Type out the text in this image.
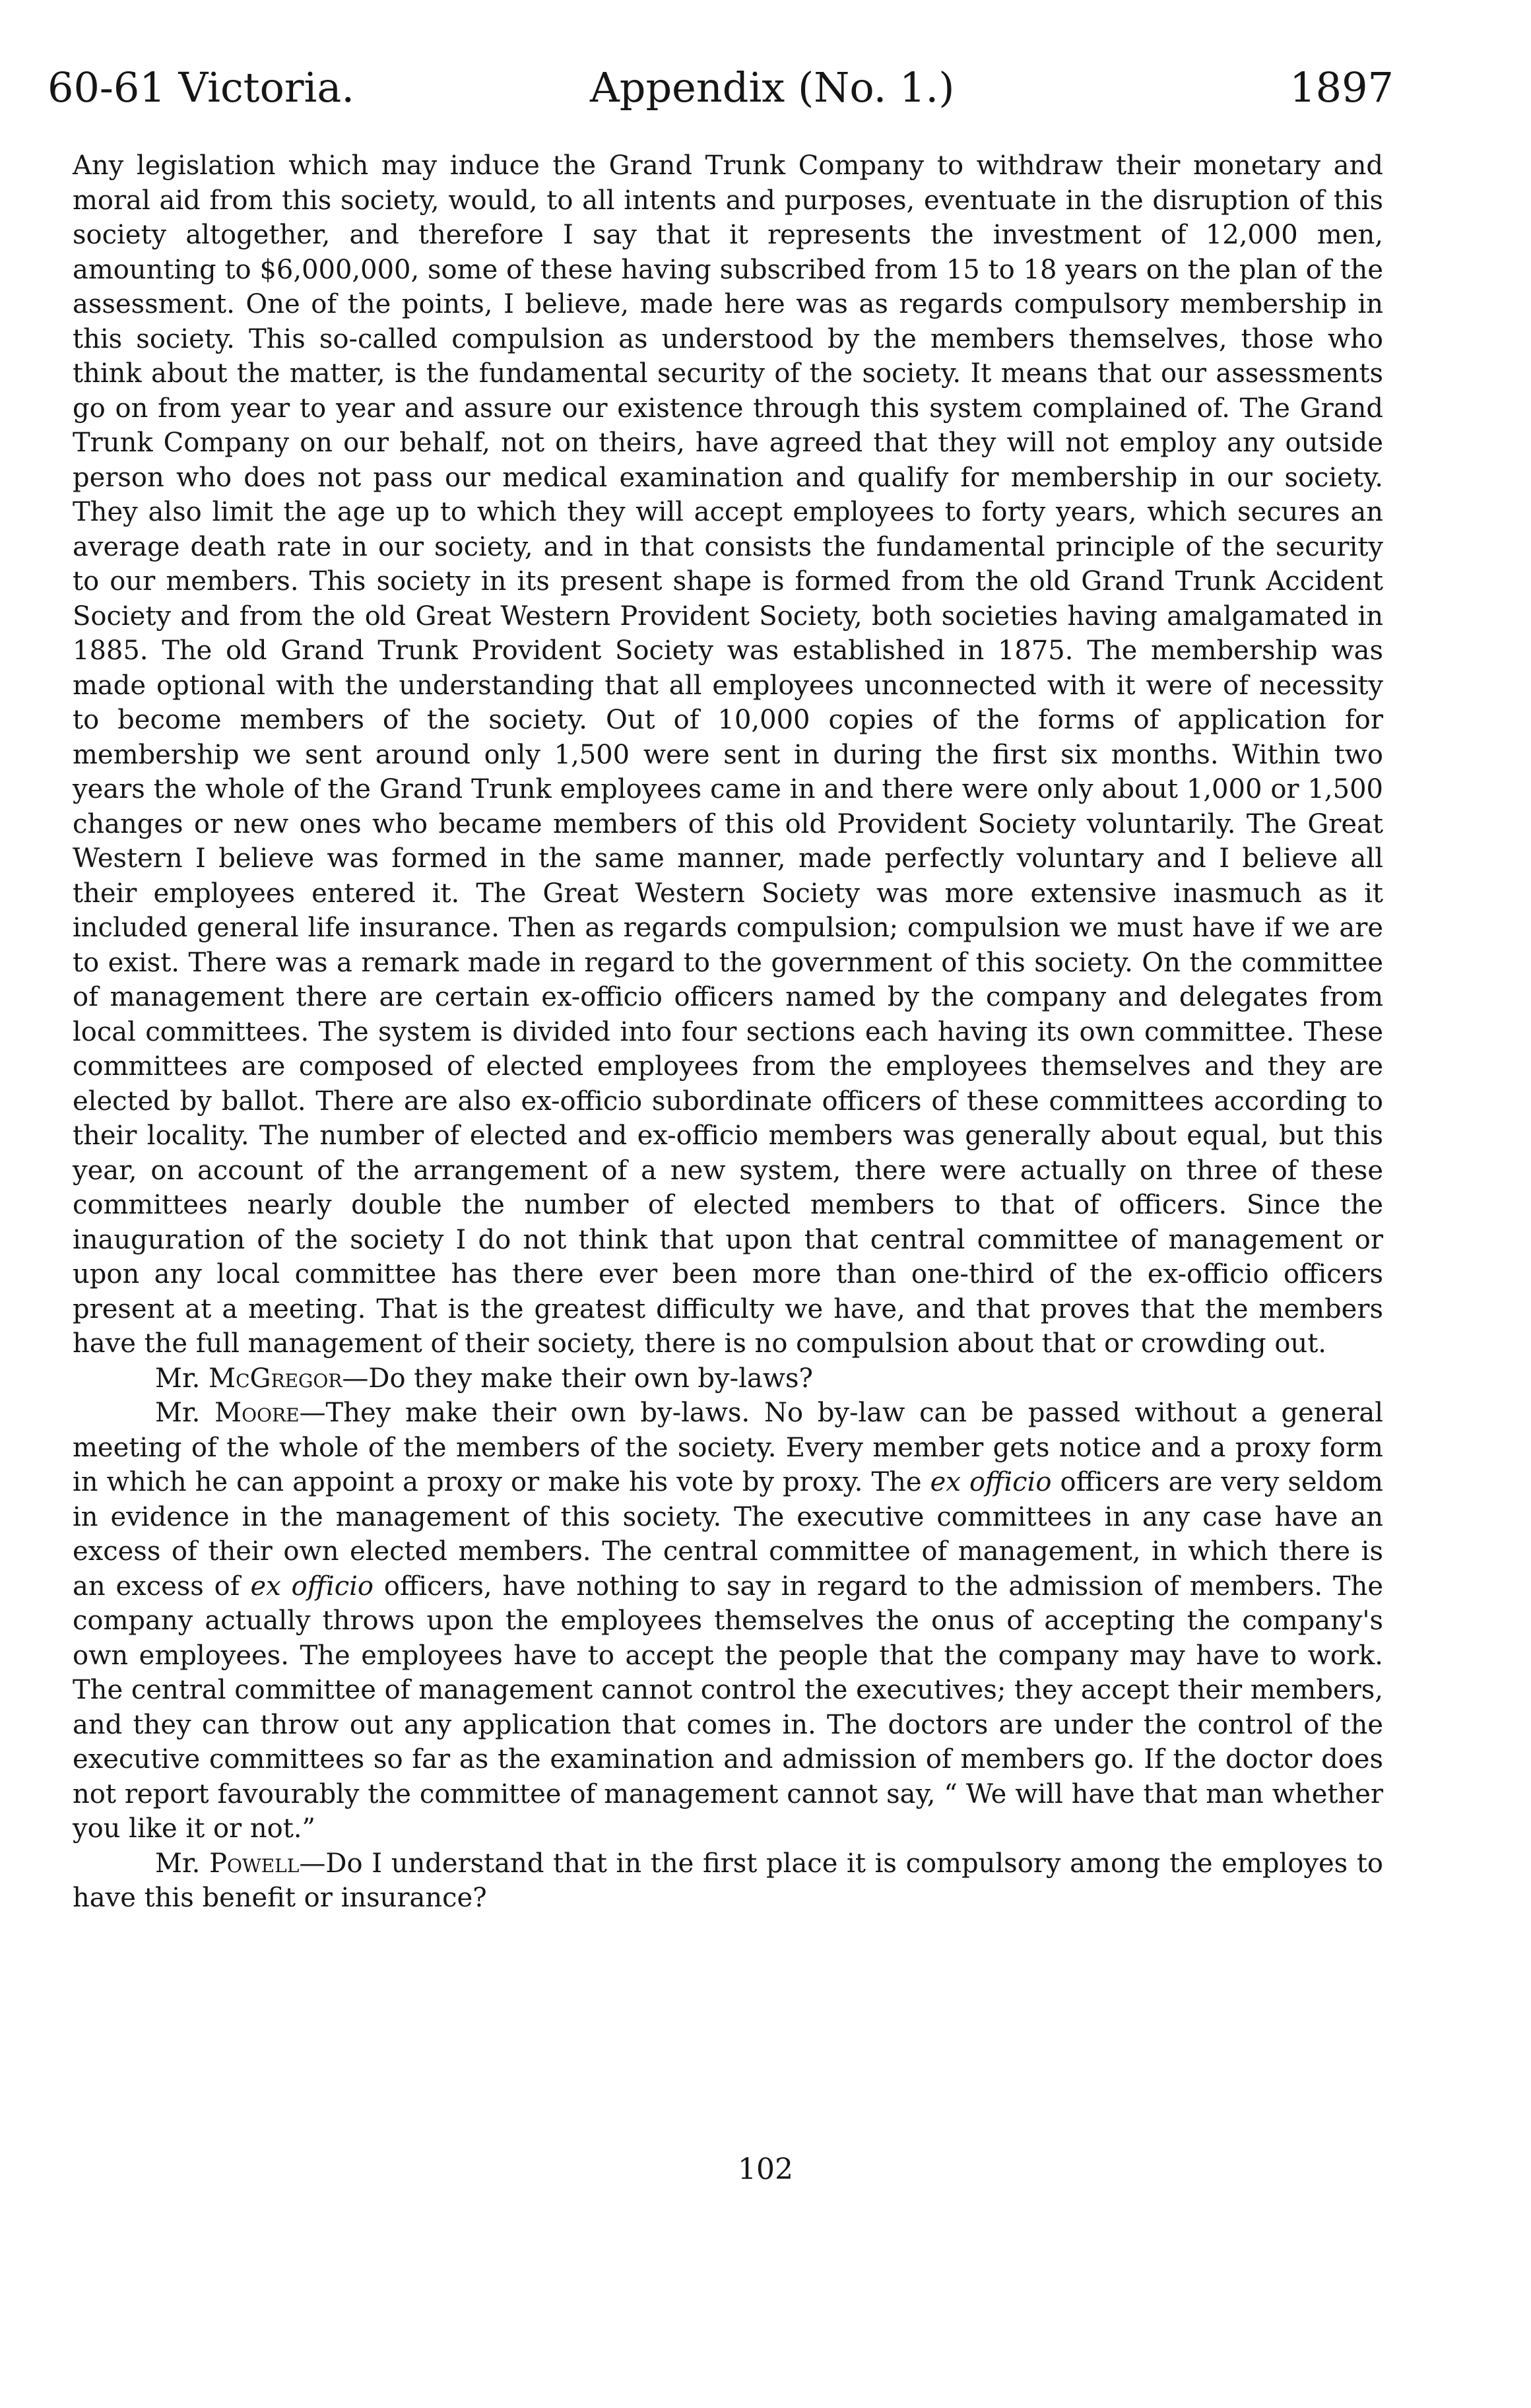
60-61 Victoria.	Appendix (No. 1.)	1897

Any legislation which may induce the Grand Trunk Company to withdraw their monetary and moral aid from this society, would, to all intents and purposes, eventuate in the disruption of this society altogether, and therefore I say that it represents the investment of 12,000 men, amounting to $6,000,000, some of these having subscribed from 15 to 18 years on the plan of the assessment. One of the points, I believe, made here was as regards compulsory membership in this society. This so-called compulsion as understood by the members themselves, those who think about the matter, is the fundamental security of the society. It means that our assessments go on from year to year and assure our existence through this system complained of. The Grand Trunk Company on our behalf, not on theirs, have agreed that they will not employ any outside person who does not pass our medical examination and qualify for membership in our society. They also limit the age up to which they will accept employees to forty years, which secures an average death rate in our society, and in that consists the fundamental principle of the security to our members. This society in its present shape is formed from the old Grand Trunk Accident Society and from the old Great Western Provident Society, both societies having amalgamated in 1885. The old Grand Trunk Provident Society was established in 1875. The membership was made optional with the understanding that all employees unconnected with it were of necessity to become members of the society. Out of 10,000 copies of the forms of application for membership we sent around only 1,500 were sent in during the first six months. Within two years the whole of the Grand Trunk employees came in and there were only about 1,000 or 1,500 changes or new ones who became members of this old Provident Society voluntarily. The Great Western I believe was formed in the same manner, made perfectly voluntary and I believe all their employees entered it. The Great Western Society was more extensive inasmuch as it included general life insurance. Then as regards compulsion; compulsion we must have if we are to exist. There was a remark made in regard to the government of this society. On the committee of management there are certain ex-officio officers named by the company and delegates from local committees. The system is divided into four sections each having its own committee. These committees are composed of elected employees from the employees themselves and they are elected by ballot. There are also ex-officio subordinate officers of these committees according to their locality. The number of elected and ex-officio members was generally about equal, but this year, on account of the arrangement of a new system, there were actually on three of these committees nearly double the number of elected members to that of officers. Since the inauguration of the society I do not think that upon that central committee of management or upon any local committee has there ever been more than one-third of the ex-officio officers present at a meeting. That is the greatest difficulty we have, and that proves that the members have the full management of their society, there is no compulsion about that or crowding out.

Mr. McGregor—Do they make their own by-laws?

Mr. Moore—They make their own by-laws. No by-law can be passed without a general meeting of the whole of the members of the society. Every member gets notice and a proxy form in which he can appoint a proxy or make his vote by proxy. The ex officio officers are very seldom in evidence in the management of this society. The executive committees in any case have an excess of their own elected members. The central committee of management, in which there is an excess of ex officio officers, have nothing to say in regard to the admission of members. The company actually throws upon the employees themselves the onus of accepting the company's own employees. The employees have to accept the people that the company may have to work. The central committee of management cannot control the executives; they accept their members, and they can throw out any application that comes in. The doctors are under the control of the executive committees so far as the examination and admission of members go. If the doctor does not report favourably the committee of management cannot say, “ We will have that man whether you like it or not.”

Mr. Powell—Do I understand that in the first place it is compulsory among the employes to have this benefit or insurance?

102
